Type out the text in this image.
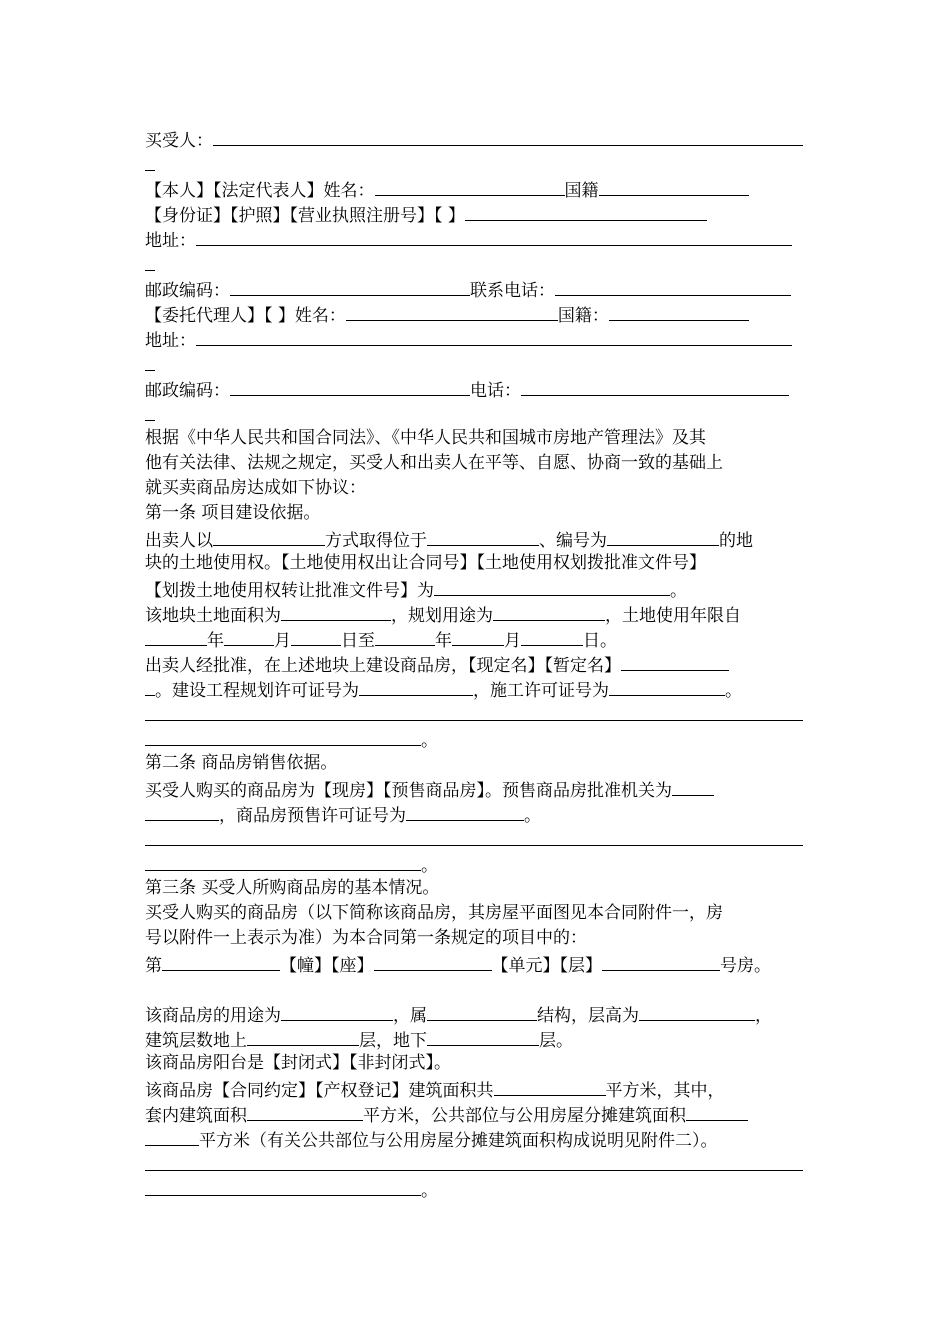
买受人：
【本人】【法定代表人】姓名：	国籍
【身份证】【护照】【营业执照注册号】【 】
地址：
邮政编码：	联系电话：
【委托代理人】【 】姓名：	国籍：
地址：
邮政编码：	电话：
根据《中华人民共和国合同法》、《中华人民共和国城市房地产管理法》及其
他有关法律、法规之规定，买受人和出卖人在平等、自愿、协商一致的基础上
就买卖商品房达成如下协议：
第一条 项目建设依据。
出卖人以	方式取得位于	、编号为	的地
块的土地使用权。【土地使用权出让合同号】【土地使用权划拨批准文件号】
【划拨土地使用权转让批准文件号】为	。
该地块土地面积为	，规划用途为	，土地使用年限自
年	月	日至	年	月	日。
出卖人经批准，在上述地块上建设商品房，【现定名】【暂定名】
。建设工程规划许可证号为	，施工许可证号为	。
。
第二条 商品房销售依据。
买受人购买的商品房为【现房】【预售商品房】。预售商品房批准机关为
，商品房预售许可证号为	。
。
第三条 买受人所购商品房的基本情况。
买受人购买的商品房（以下简称该商品房，其房屋平面图见本合同附件一，房
号以附件一上表示为准）为本合同第一条规定的项目中的：
第	【幢】【座】	【单元】【层】	号房。
该商品房的用途为	，属	结构，层高为	，
建筑层数地上	层，地下	层。
该商品房阳台是【封闭式】【非封闭式】。
该商品房【合同约定】【产权登记】建筑面积共	平方米，其中，
套内建筑面积	平方米，公共部位与公用房屋分摊建筑面积
平方米（有关公共部位与公用房屋分摊建筑面积构成说明见附件二）。
。
